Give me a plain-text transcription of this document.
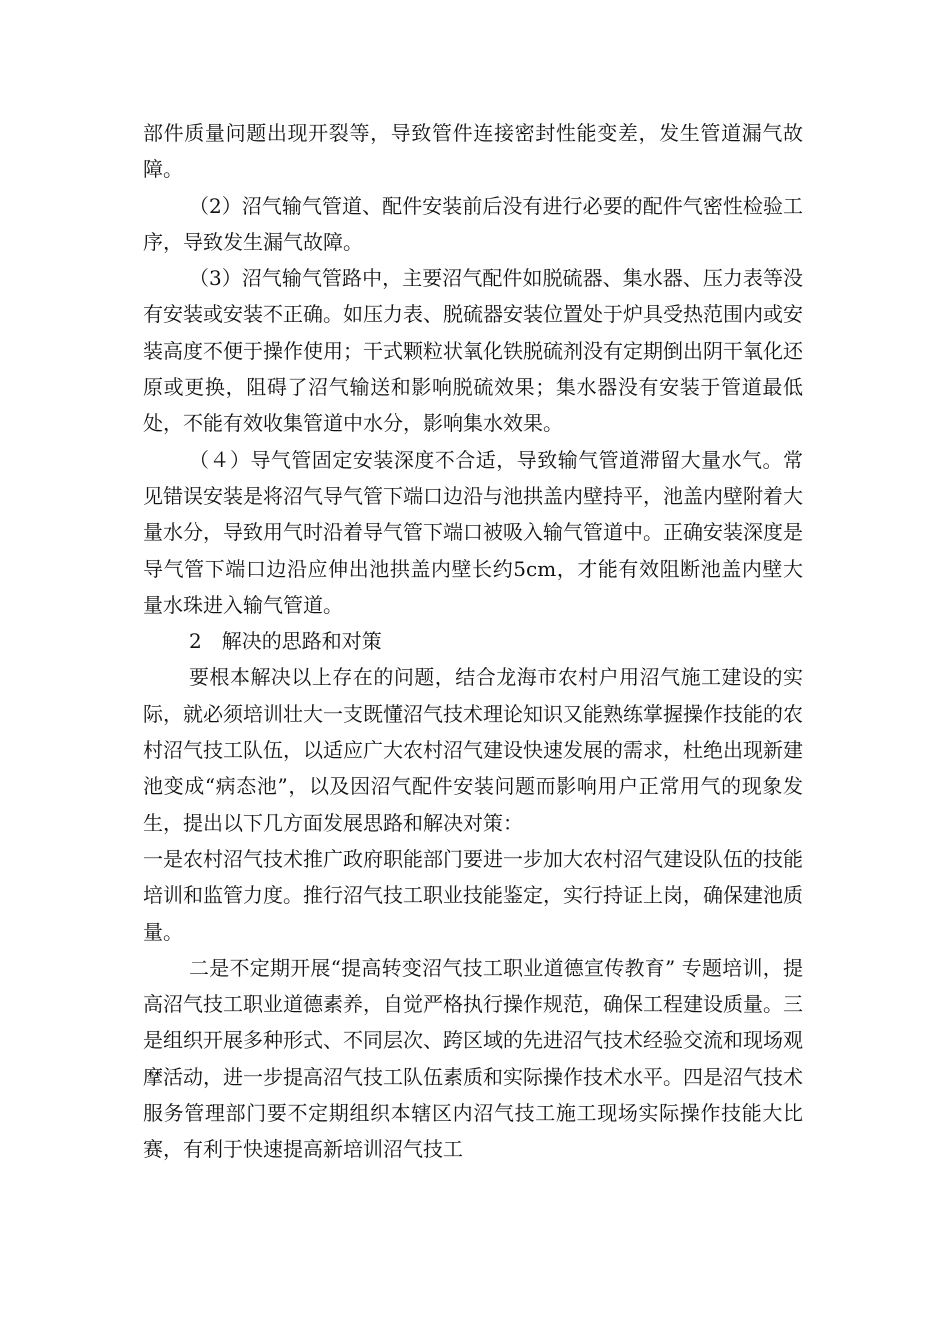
部件质量问题出现开裂等，导致管件连接密封性能变差，发生管道漏气故障。

（2）沼气输气管道、配件安装前后没有进行必要的配件气密性检验工序，导致发生漏气故障。

（3）沼气输气管路中，主要沼气配件如脱硫器、集水器、压力表等没有安装或安装不正确。如压力表、脱硫器安装位置处于炉具受热范围内或安装高度不便于操作使用；干式颗粒状氧化铁脱硫剂没有定期倒出阴干氧化还原或更换，阻碍了沼气输送和影响脱硫效果；集水器没有安装于管道最低处，不能有效收集管道中水分，影响集水效果。

（４）导气管固定安装深度不合适，导致输气管道滞留大量水气。常见错误安装是将沼气导气管下端口边沿与池拱盖内壁持平，池盖内壁附着大量水分，导致用气时沿着导气管下端口被吸入输气管道中。正确安装深度是导气管下端口边沿应伸出池拱盖内壁长约5cm，才能有效阻断池盖内壁大量水珠进入输气管道。

2　解决的思路和对策

要根本解决以上存在的问题，结合龙海市农村户用沼气施工建设的实际，就必须培训壮大一支既懂沼气技术理论知识又能熟练掌握操作技能的农村沼气技工队伍，以适应广大农村沼气建设快速发展的需求，杜绝出现新建池变成“病态池”，以及因沼气配件安装问题而影响用户正常用气的现象发生，提出以下几方面发展思路和解决对策：

一是农村沼气技术推广政府职能部门要进一步加大农村沼气建设队伍的技能培训和监管力度。推行沼气技工职业技能鉴定，实行持证上岗，确保建池质量。

二是不定期开展“提高转变沼气技工职业道德宣传教育” 专题培训，提高沼气技工职业道德素养，自觉严格执行操作规范，确保工程建设质量。三是组织开展多种形式、不同层次、跨区域的先进沼气技术经验交流和现场观摩活动，进一步提高沼气技工队伍素质和实际操作技术水平。四是沼气技术服务管理部门要不定期组织本辖区内沼气技工施工现场实际操作技能大比赛，有利于快速提高新培训沼气技工
